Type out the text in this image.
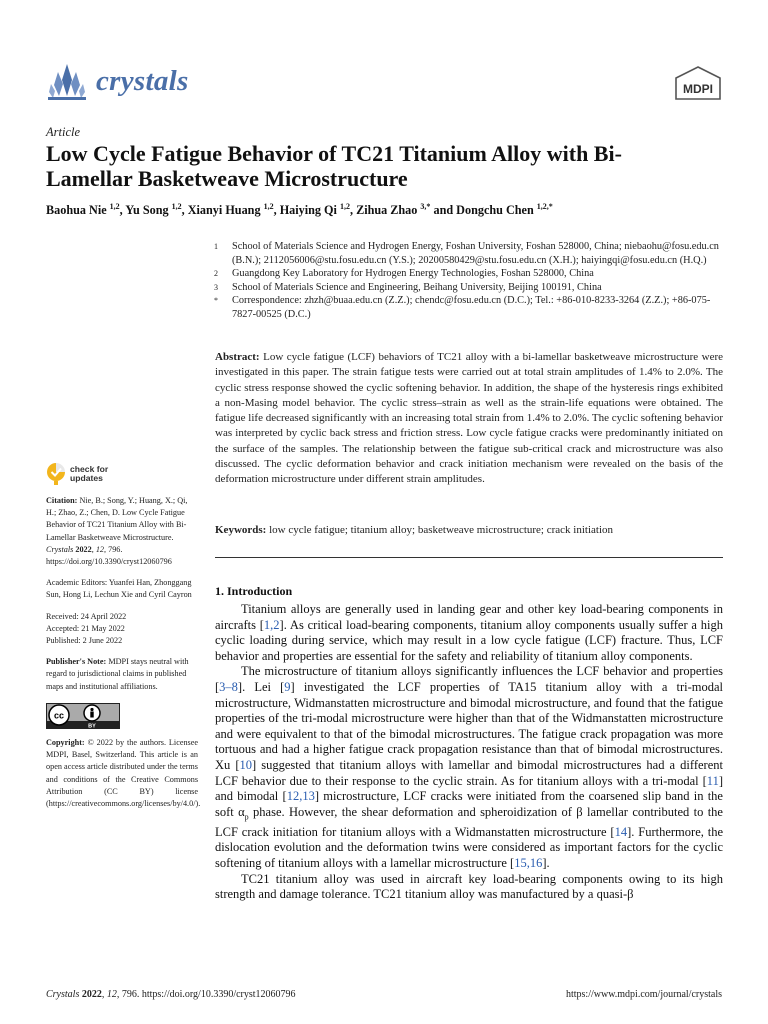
crystals	MDPI
Article
Low Cycle Fatigue Behavior of TC21 Titanium Alloy with Bi-Lamellar Basketweave Microstructure
Baohua Nie $^{1,2}$, Yu Song $^{1,2}$, Xianyi Huang $^{1,2}$, Haiying Qi $^{1,2}$, Zihua Zhao $^{3,*}$ and Dongchu Chen $^{1,2,*}$
1	School of Materials Science and Hydrogen Energy, Foshan University, Foshan 528000, China; niebaohu@fosu.edu.cn (B.N.); 2112056006@stu.fosu.edu.cn (Y.S.); 20200580429@stu.fosu.edu.cn (X.H.); haiyingqi@fosu.edu.cn (H.Q.)
2	Guangdong Key Laboratory for Hydrogen Energy Technologies, Foshan 528000, China
3	School of Materials Science and Engineering, Beihang University, Beijing 100191, China
*	Correspondence: zhzh@buaa.edu.cn (Z.Z.); chendc@fosu.edu.cn (D.C.); Tel.: +86-010-8233-3264 (Z.Z.); +86-075-7827-00525 (D.C.)
Abstract: Low cycle fatigue (LCF) behaviors of TC21 alloy with a bi-lamellar basketweave microstructure were investigated in this paper. The strain fatigue tests were carried out at total strain amplitudes of 1.4% to 2.0%. The cyclic stress response showed the cyclic softening behavior. In addition, the shape of the hysteresis rings exhibited a non-Masing model behavior. The cyclic stress–strain as well as the strain-life equations were obtained. The fatigue life decreased significantly with an increasing total strain from 1.4% to 2.0%. The cyclic softening behavior was interpreted by cyclic back stress and friction stress. Low cycle fatigue cracks were predominantly initiated on the surface of the samples. The relationship between the fatigue sub-critical crack and microstructure was also discussed. The cyclic deformation behavior and crack initiation mechanism were revealed on the basis of the deformation microstructure under different strain amplitudes.
Keywords: low cycle fatigue; titanium alloy; basketweave microstructure; crack initiation
check for
updates
Citation: Nie, B.; Song, Y.; Huang, X.; Qi, H.; Zhao, Z.; Chen, D. Low Cycle Fatigue Behavior of TC21 Titanium Alloy with Bi-Lamellar Basketweave Microstructure. Crystals 2022, 12, 796. https://doi.org/10.3390/cryst12060796
Academic Editors: Yuanfei Han, Zhonggang Sun, Hong Li, Lechun Xie and Cyril Cayron
Received: 24 April 2022
Accepted: 21 May 2022
Published: 2 June 2022
Publisher's Note: MDPI stays neutral with regard to jurisdictional claims in published maps and institutional affiliations.
cc
BY
Copyright: © 2022 by the authors. Licensee MDPI, Basel, Switzerland. This article is an open access article distributed under the terms and conditions of the Creative Commons Attribution (CC BY) license (https://creativecommons.org/licenses/by/4.0/).
1. Introduction

Titanium alloys are generally used in landing gear and other key load-bearing components in aircrafts [1,2]. As critical load-bearing components, titanium alloy components usually suffer a high cyclic loading during service, which may result in a low cycle fatigue (LCF) fracture. Thus, LCF behavior and properties are essential for the safety and reliability of titanium alloy components.

The microstructure of titanium alloys significantly influences the LCF behavior and properties [3–8]. Lei [9] investigated the LCF properties of TA15 titanium alloy with a tri-modal microstructure, Widmanstatten microstructure and bimodal microstructure, and found that the fatigue properties of the tri-modal microstructure were higher than that of the Widmanstatten microstructure and were equivalent to that of the bimodal microstructures. The fatigue crack propagation was more tortuous and had a higher fatigue crack propagation resistance than that of bimodal microstructures. Xu [10] suggested that titanium alloys with lamellar and bimodal microstructures had a different LCF behavior due to their response to the cyclic strain. As for titanium alloys with a tri-modal [11] and bimodal [12,13] microstructure, LCF cracks were initiated from the coarsened slip band in the soft $\alpha_p$ phase. However, the shear deformation and spheroidization of β lamellar contributed to the LCF crack initiation for titanium alloys with a Widmanstatten microstructure [14]. Furthermore, the dislocation evolution and the deformation twins were considered as important factors for the cyclic softening of titanium alloys with a lamellar microstructure [15,16].

TC21 titanium alloy was used in aircraft key load-bearing components owing to its high strength and damage tolerance. TC21 titanium alloy was manufactured by a quasi-β

Crystals 2022, 12, 796. https://doi.org/10.3390/cryst12060796	https://www.mdpi.com/journal/crystals
